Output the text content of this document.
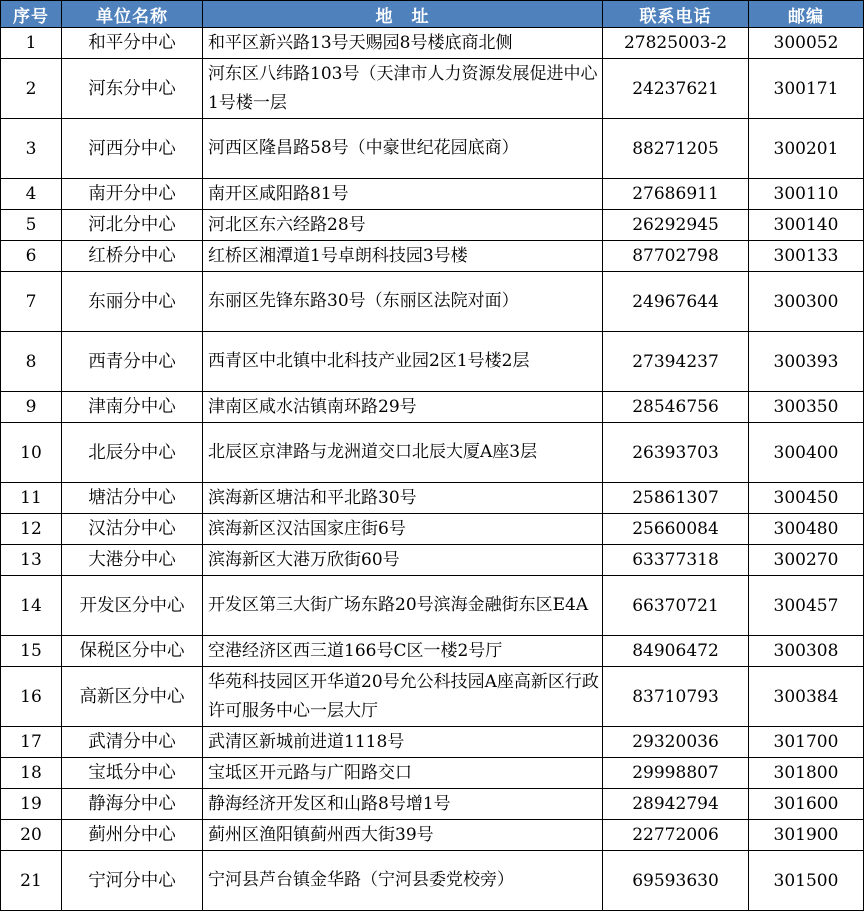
序号	单位名称	地　址	联系电话	邮编
1	和平分中心	和平区新兴路13号天赐园8号楼底商北侧	27825003-2	300052
2	河东分中心	河东区八纬路103号（天津市人力资源发展促进中心1号楼一层	24237621	300171
3	河西分中心	河西区隆昌路58号（中豪世纪花园底商）	88271205	300201
4	南开分中心	南开区咸阳路81号	27686911	300110
5	河北分中心	河北区东六经路28号	26292945	300140
6	红桥分中心	红桥区湘潭道1号卓朗科技园3号楼	87702798	300133
7	东丽分中心	东丽区先锋东路30号（东丽区法院对面）	24967644	300300
8	西青分中心	西青区中北镇中北科技产业园2区1号楼2层	27394237	300393
9	津南分中心	津南区咸水沽镇南环路29号	28546756	300350
10	北辰分中心	北辰区京津路与龙洲道交口北辰大厦A座3层	26393703	300400
11	塘沽分中心	滨海新区塘沽和平北路30号	25861307	300450
12	汉沽分中心	滨海新区汉沽国家庄街6号	25660084	300480
13	大港分中心	滨海新区大港万欣街60号	63377318	300270
14	开发区分中心	开发区第三大街广场东路20号滨海金融街东区E4A	66370721	300457
15	保税区分中心	空港经济区西三道166号C区一楼2号厅	84906472	300308
16	高新区分中心	华苑科技园区开华道20号允公科技园A座高新区行政许可服务中心一层大厅	83710793	300384
17	武清分中心	武清区新城前进道1118号	29320036	301700
18	宝坻分中心	宝坻区开元路与广阳路交口	29998807	301800
19	静海分中心	静海经济开发区和山路8号增1号	28942794	301600
20	蓟州分中心	蓟州区渔阳镇蓟州西大街39号	22772006	301900
21	宁河分中心	宁河县芦台镇金华路（宁河县委党校旁）	69593630	301500
